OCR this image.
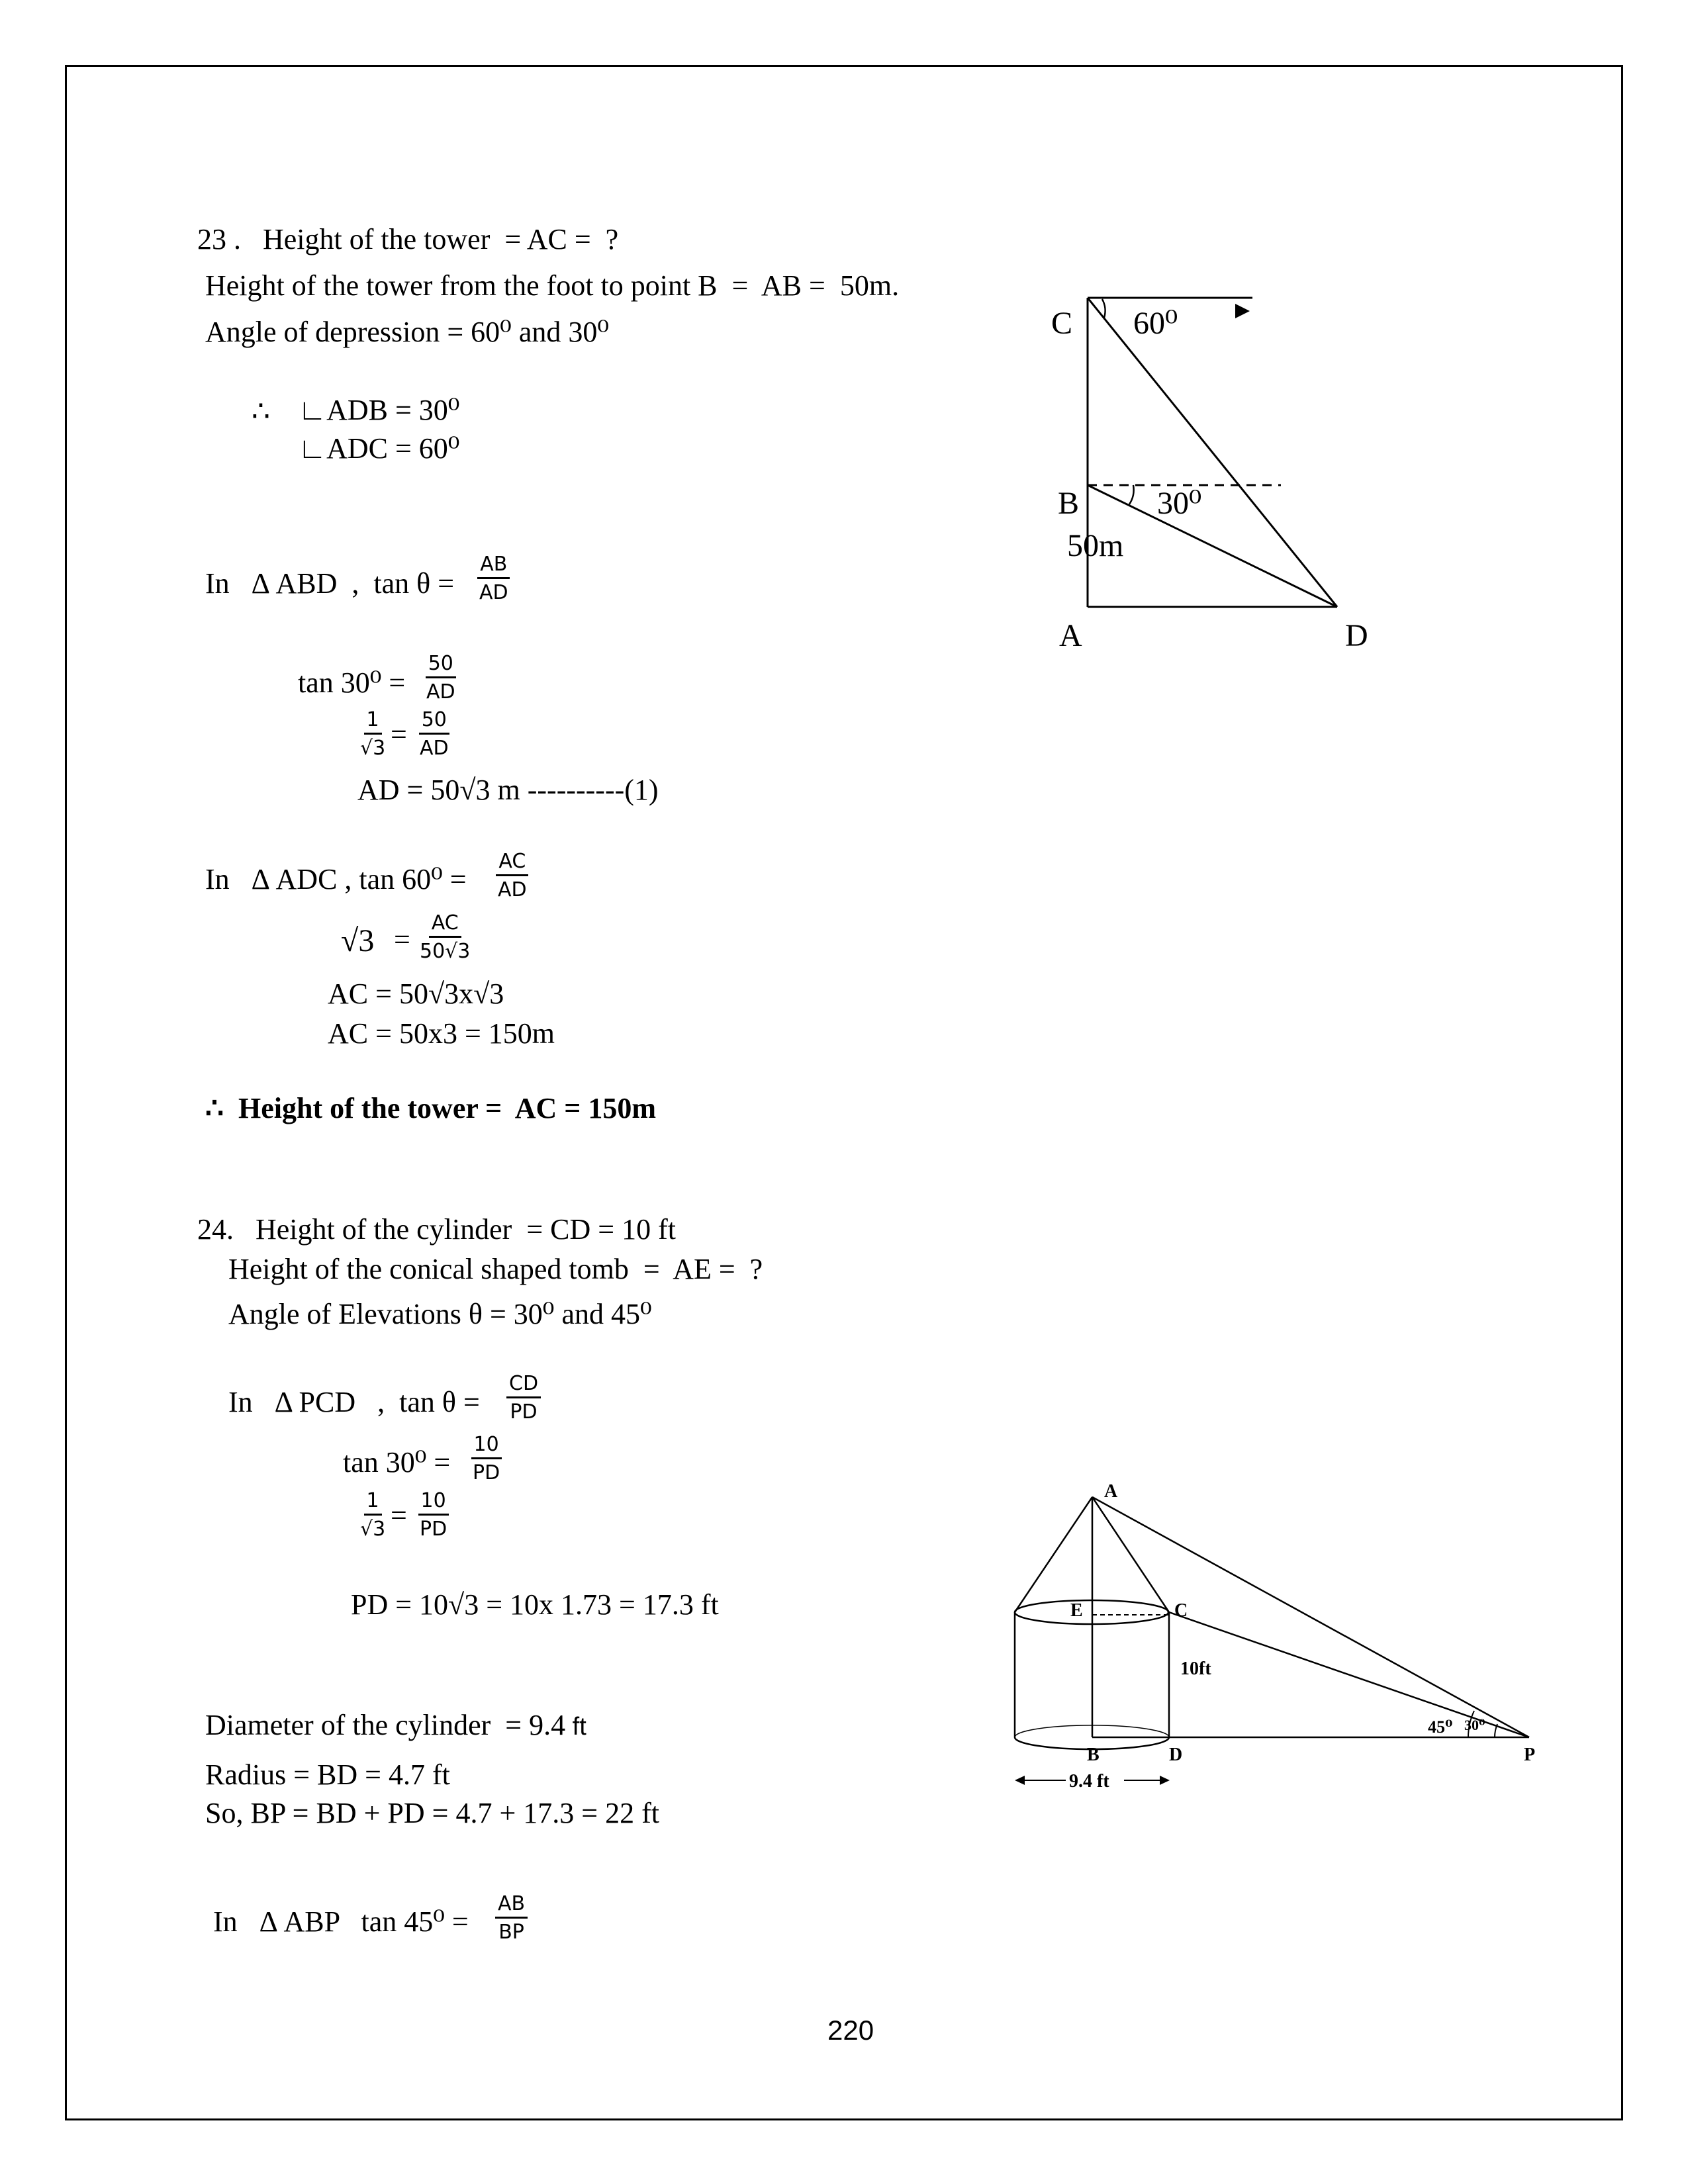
23 .   Height of the tower  = AC =  ?
Height of the tower from the foot to point B  =  AB =  50m.
Angle of depression = 60⁰ and 30⁰
∴ ∟ADB = 30⁰
∟ADC = 60⁰
In   Δ ABD  ,  $\tan \theta = \frac{AB}{AD}$
$\tan 30^0 = \frac{50}{AD}$
$\frac{1}{√3} = \frac{50}{AD}$
AD = 50√3 m ----------(1)
In   Δ ADC , $\tan 60^0 = \frac{AC}{AD}$
$√3 = \frac{AC}{50√3}$
AC = 50√3x√3
AC = 50x3 = 150m
∴  Height of the tower =  AC = 150m
C 60⁰
B 30⁰
50m
A	D
24.   Height of the cylinder  = CD = 10 ft
Height of the conical shaped tomb  =  AE =  ?
Angle of Elevations θ = 30⁰ and 45⁰
In   Δ PCD   ,  $\tan \theta = \frac{CD}{PD}$
$\tan 30^0 = \frac{10}{PD}$
$\frac{1}{√3} = \frac{10}{PD}$
PD = 10√3 = 10x 1.73 = 17.3 ft
Diameter of the cylinder  = 9.4 ft
Radius = BD = 4.7 ft
So, BP = BD + PD = 4.7 + 17.3 = 22 ft
In   Δ ABP   $\tan 45^0 = \frac{AB}{BP}$
A
E	C
10ft
B	D	P
45⁰ 30⁰
9.4 ft
220
